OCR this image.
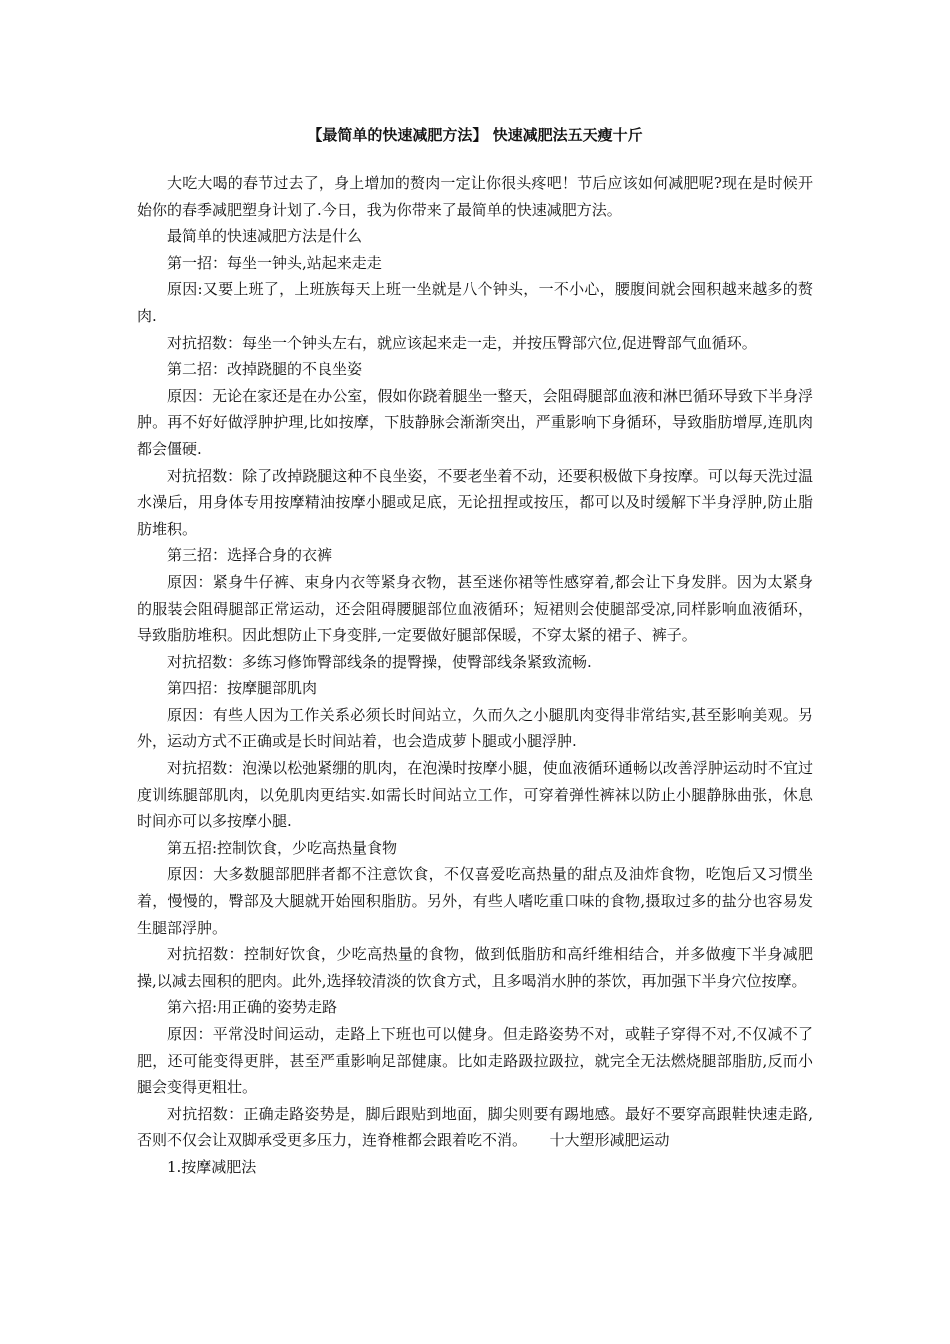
【最简单的快速减肥方法】 快速减肥法五天瘦十斤

大吃大喝的春节过去了，身上增加的赘肉一定让你很头疼吧！节后应该如何减肥呢?现在是时候开始你的春季减肥塑身计划了.今日，我为你带来了最简单的快速减肥方法。

最简单的快速减肥方法是什么

第一招：每坐一钟头,站起来走走

原因:又要上班了，上班族每天上班一坐就是八个钟头，一不小心，腰腹间就会囤积越来越多的赘肉.

对抗招数：每坐一个钟头左右，就应该起来走一走，并按压臀部穴位,促进臀部气血循环。

第二招：改掉跷腿的不良坐姿

原因：无论在家还是在办公室，假如你跷着腿坐一整天，会阻碍腿部血液和淋巴循环导致下半身浮肿。再不好好做浮肿护理,比如按摩，下肢静脉会渐渐突出，严重影响下身循环，导致脂肪增厚,连肌肉都会僵硬.

对抗招数：除了改掉跷腿这种不良坐姿，不要老坐着不动，还要积极做下身按摩。可以每天洗过温水澡后，用身体专用按摩精油按摩小腿或足底，无论扭捏或按压，都可以及时缓解下半身浮肿,防止脂肪堆积。

第三招：选择合身的衣裤

原因：紧身牛仔裤、束身内衣等紧身衣物，甚至迷你裙等性感穿着,都会让下身发胖。因为太紧身的服装会阻碍腿部正常运动，还会阻碍腰腿部位血液循环；短裙则会使腿部受凉,同样影响血液循环，导致脂肪堆积。因此想防止下身变胖,一定要做好腿部保暖，不穿太紧的裙子、裤子。

对抗招数：多练习修饰臀部线条的提臀操，使臀部线条紧致流畅.

第四招：按摩腿部肌肉

原因：有些人因为工作关系必须长时间站立，久而久之小腿肌肉变得非常结实,甚至影响美观。另外，运动方式不正确或是长时间站着，也会造成萝卜腿或小腿浮肿.

对抗招数：泡澡以松弛紧绷的肌肉，在泡澡时按摩小腿，使血液循环通畅以改善浮肿运动时不宜过度训练腿部肌肉，以免肌肉更结实.如需长时间站立工作，可穿着弹性裤袜以防止小腿静脉曲张，休息时间亦可以多按摩小腿.

第五招:控制饮食，少吃高热量食物

原因：大多数腿部肥胖者都不注意饮食，不仅喜爱吃高热量的甜点及油炸食物，吃饱后又习惯坐着，慢慢的，臀部及大腿就开始囤积脂肪。另外，有些人嗜吃重口味的食物,摄取过多的盐分也容易发生腿部浮肿。

对抗招数：控制好饮食，少吃高热量的食物，做到低脂肪和高纤维相结合，并多做瘦下半身减肥操,以减去囤积的肥肉。此外,选择较清淡的饮食方式，且多喝消水肿的茶饮，再加强下半身穴位按摩。

第六招:用正确的姿势走路

原因：平常没时间运动，走路上下班也可以健身。但走路姿势不对，或鞋子穿得不对,不仅减不了肥，还可能变得更胖，甚至严重影响足部健康。比如走路趿拉趿拉，就完全无法燃烧腿部脂肪,反而小腿会变得更粗壮。

对抗招数：正确走路姿势是，脚后跟贴到地面，脚尖则要有踢地感。最好不要穿高跟鞋快速走路,否则不仅会让双脚承受更多压力，连脊椎都会跟着吃不消。　　十大塑形减肥运动

1.按摩减肥法
